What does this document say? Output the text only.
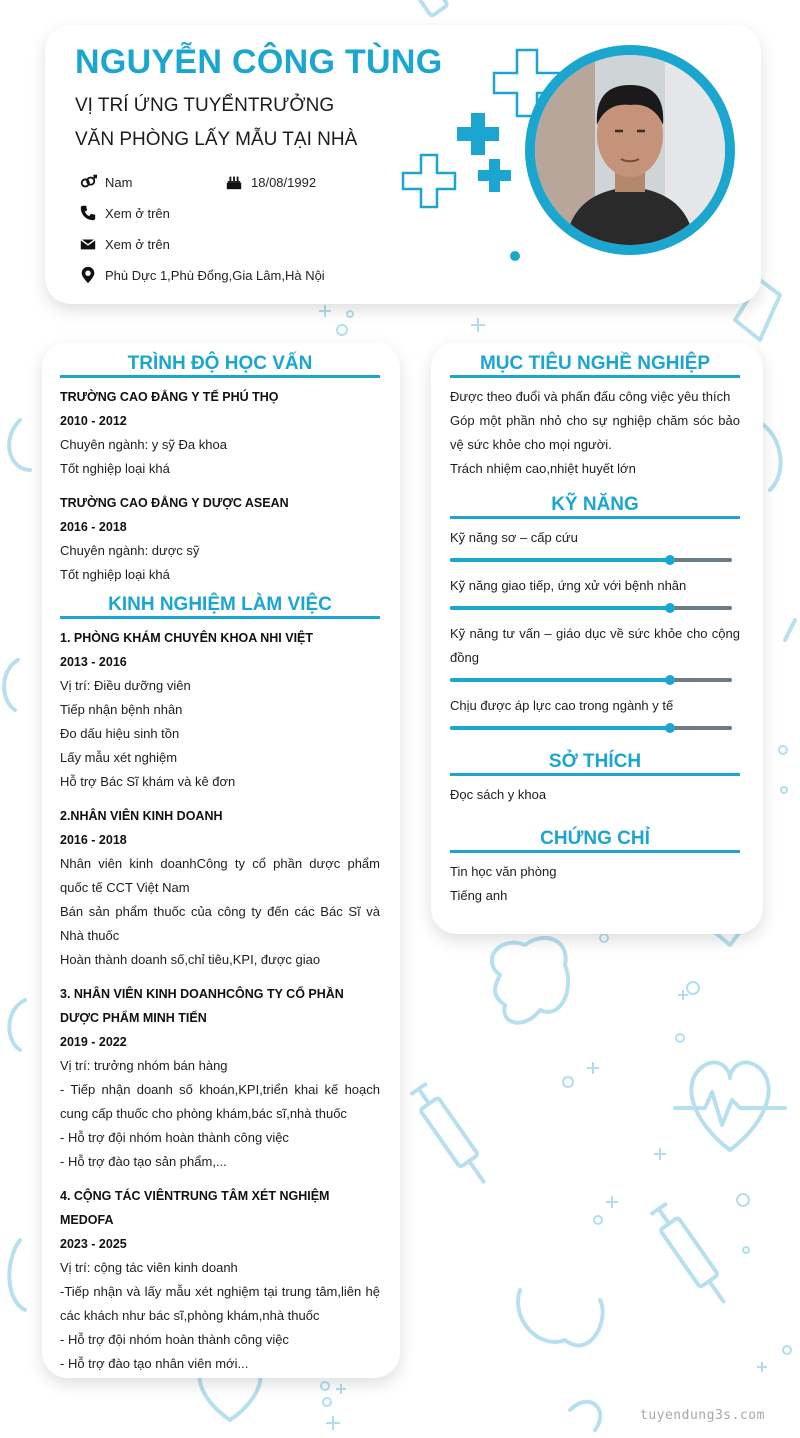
NGUYỄN CÔNG TÙNG
VỊ TRÍ ỨNG TUYỂNTRƯỞNG VĂN PHÒNG LẤY MẪU TẠI NHÀ
Nam	18/08/1992
Xem ở trên
Xem ở trên
Phù Dực 1,Phù Đổng,Gia Lâm,Hà Nội
TRÌNH ĐỘ HỌC VẤN
TRƯỜNG CAO ĐẲNG Y TẾ PHÚ THỌ
2010 - 2012
Chuyên ngành: y sỹ Đa khoa
Tốt nghiệp loại khá
TRƯỜNG CAO ĐẲNG Y DƯỢC ASEAN
2016 - 2018
Chuyên ngành: dược sỹ
Tốt nghiệp loại khá
KINH NGHIỆM LÀM VIỆC
1. PHÒNG KHÁM CHUYÊN KHOA NHI VIỆT
2013 - 2016
Vị trí: Điều dưỡng viên
Tiếp nhận bệnh nhân
Đo dấu hiệu sinh tồn
Lấy mẫu xét nghiệm
Hỗ trợ Bác Sĩ khám và kê đơn
2.NHÂN VIÊN KINH DOANH
2016 - 2018
Nhân viên kinh doanhCông ty cổ phần dược phẩm quốc tế CCT Việt Nam
Bán sản phẩm thuốc của công ty đến các Bác Sĩ và Nhà thuốc
Hoàn thành doanh số,chỉ tiêu,KPI, được giao
3. NHÂN VIÊN KINH DOANHCÔNG TY CỔ PHẦN DƯỢC PHẨM MINH TIẾN
2019 - 2022
Vị trí: trưởng nhóm bán hàng
- Tiếp nhận doanh số khoán,KPI,triển khai kế hoạch cung cấp thuốc cho phòng khám,bác sĩ,nhà thuốc
- Hỗ trợ đội nhóm hoàn thành công việc
- Hỗ trợ đào tạo sản phẩm,...
4. CỘNG TÁC VIÊNTRUNG TÂM XÉT NGHIỆM MEDOFA
2023 - 2025
Vị trí: cộng tác viên kinh doanh
-Tiếp nhận và lấy mẫu xét nghiệm tại trung tâm,liên hệ các khách như bác sĩ,phòng khám,nhà thuốc
- Hỗ trợ đội nhóm hoàn thành công việc
- Hỗ trợ đào tạo nhân viên mới...
MỤC TIÊU NGHỀ NGHIỆP
Được theo đuổi và phấn đấu công việc yêu thích
Góp một phần nhỏ cho sự nghiệp chăm sóc bảo vệ sức khỏe cho mọi người.
Trách nhiệm cao,nhiệt huyết lớn
KỸ NĂNG
Kỹ năng sơ – cấp cứu
Kỹ năng giao tiếp, ứng xử với bệnh nhân
Kỹ năng tư vấn – giáo dục về sức khỏe cho cộng đồng
Chịu được áp lực cao trong ngành y tế
SỞ THÍCH
Đọc sách y khoa
CHỨNG CHỈ
Tin học văn phòng
Tiếng anh
tuyendung3s.com
